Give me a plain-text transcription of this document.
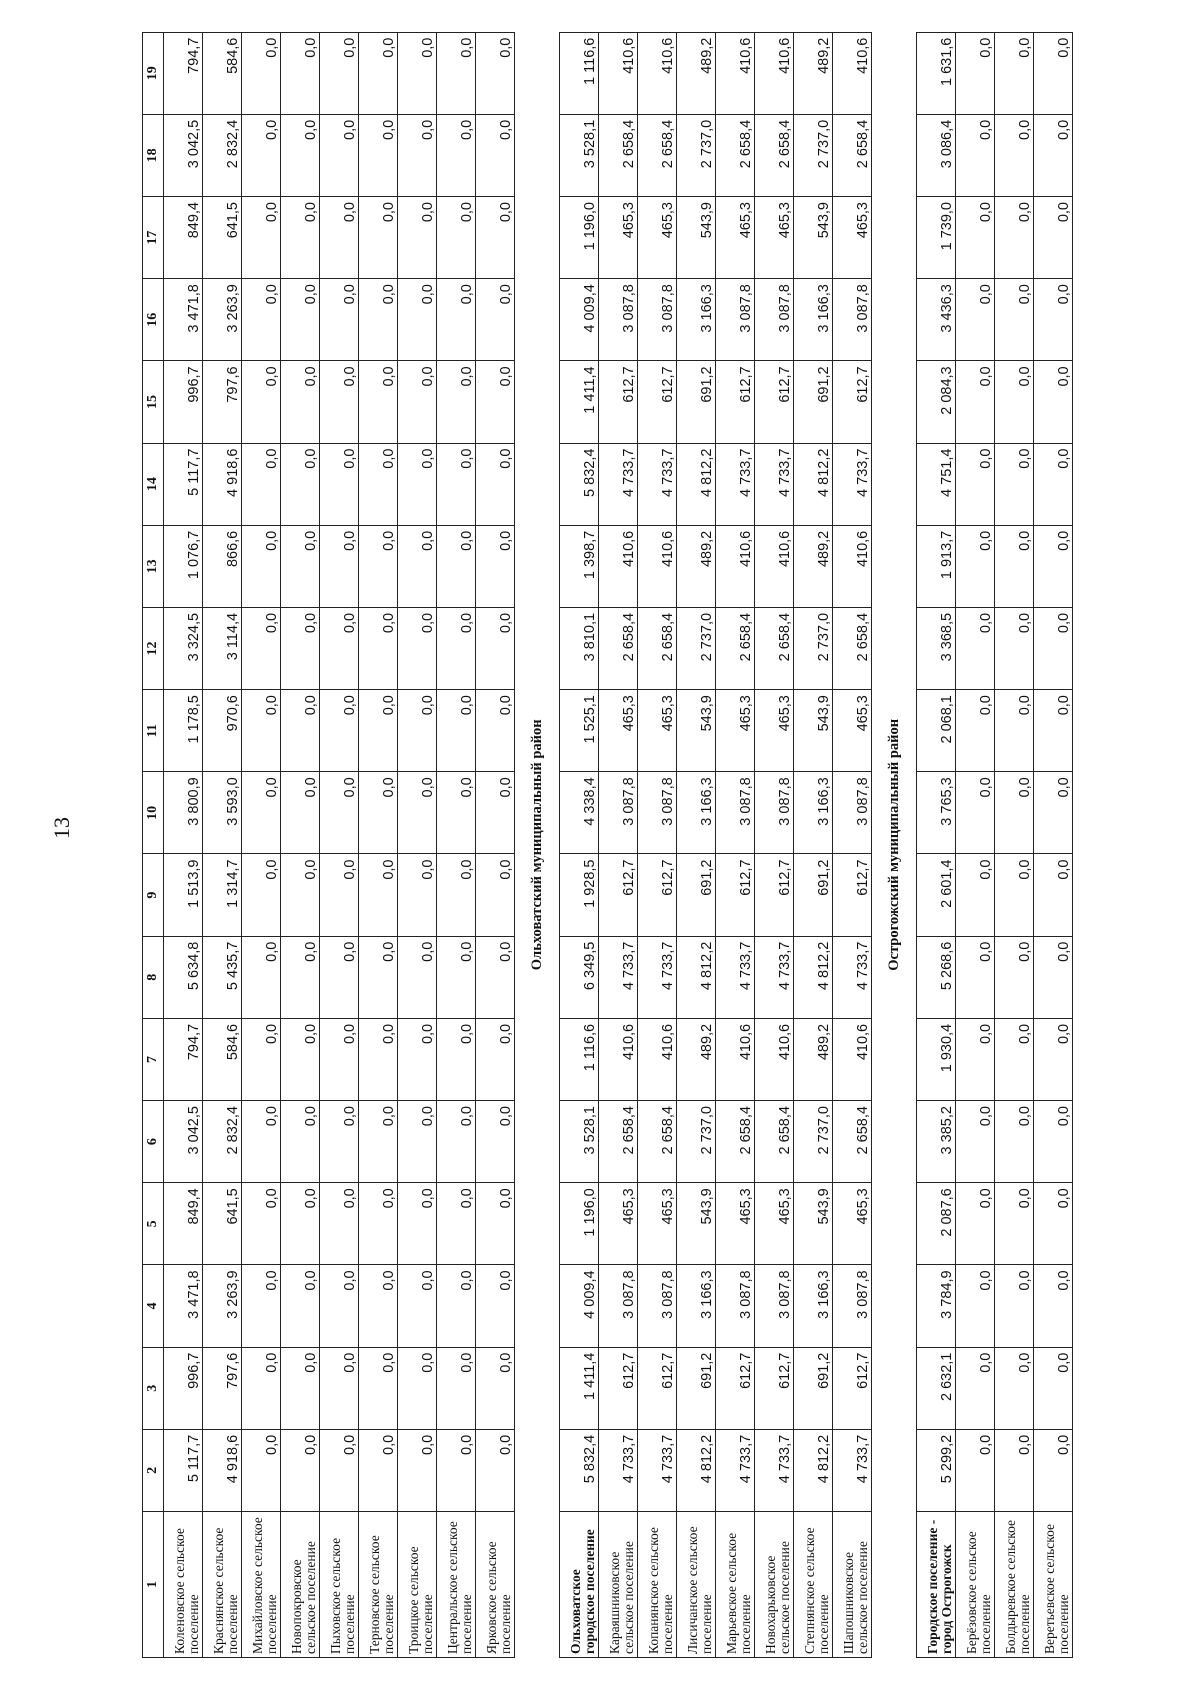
13
1	2	3	4	5	6	7	8	9	10	11	12	13	14	15	16	17	18	19
Коленовское сельское поселение	5 117,7	996,7	3 471,8	849,4	3 042,5	794,7	5 634,8	1 513,9	3 800,9	1 178,5	3 324,5	1 076,7	5 117,7	996,7	3 471,8	849,4	3 042,5	794,7
Краснянское сельское поселение	4 918,6	797,6	3 263,9	641,5	2 832,4	584,6	5 435,7	1 314,7	3 593,0	970,6	3 114,4	866,6	4 918,6	797,6	3 263,9	641,5	2 832,4	584,6
Михайловское сельское поселение	0,0	0,0	0,0	0,0	0,0	0,0	0,0	0,0	0,0	0,0	0,0	0,0	0,0	0,0	0,0	0,0	0,0	0,0
Новопокровское сельское поселение	0,0	0,0	0,0	0,0	0,0	0,0	0,0	0,0	0,0	0,0	0,0	0,0	0,0	0,0	0,0	0,0	0,0	0,0
Пыховское сельское поселение	0,0	0,0	0,0	0,0	0,0	0,0	0,0	0,0	0,0	0,0	0,0	0,0	0,0	0,0	0,0	0,0	0,0	0,0
Терновское сельское поселение	0,0	0,0	0,0	0,0	0,0	0,0	0,0	0,0	0,0	0,0	0,0	0,0	0,0	0,0	0,0	0,0	0,0	0,0
Троицкое сельское поселение	0,0	0,0	0,0	0,0	0,0	0,0	0,0	0,0	0,0	0,0	0,0	0,0	0,0	0,0	0,0	0,0	0,0	0,0
Центральское сельское поселение	0,0	0,0	0,0	0,0	0,0	0,0	0,0	0,0	0,0	0,0	0,0	0,0	0,0	0,0	0,0	0,0	0,0	0,0
Ярковское сельское поселение	0,0	0,0	0,0	0,0	0,0	0,0	0,0	0,0	0,0	0,0	0,0	0,0	0,0	0,0	0,0	0,0	0,0	0,0
Ольховатский муниципальный район																		
Ольховатское городское поселение	5 832,4	1 411,4	4 009,4	1 196,0	3 528,1	1 116,6	6 349,5	1 928,5	4 338,4	1 525,1	3 810,1	1 398,7	5 832,4	1 411,4	4 009,4	1 196,0	3 528,1	1 116,6
Караяшниковское сельское поселение	4 733,7	612,7	3 087,8	465,3	2 658,4	410,6	4 733,7	612,7	3 087,8	465,3	2 658,4	410,6	4 733,7	612,7	3 087,8	465,3	2 658,4	410,6
Копанянское сельское поселение	4 733,7	612,7	3 087,8	465,3	2 658,4	410,6	4 733,7	612,7	3 087,8	465,3	2 658,4	410,6	4 733,7	612,7	3 087,8	465,3	2 658,4	410,6
Лисичанское сельское поселение	4 812,2	691,2	3 166,3	543,9	2 737,0	489,2	4 812,2	691,2	3 166,3	543,9	2 737,0	489,2	4 812,2	691,2	3 166,3	543,9	2 737,0	489,2
Марьевское сельское поселение	4 733,7	612,7	3 087,8	465,3	2 658,4	410,6	4 733,7	612,7	3 087,8	465,3	2 658,4	410,6	4 733,7	612,7	3 087,8	465,3	2 658,4	410,6
Новохарьковское сельское поселение	4 733,7	612,7	3 087,8	465,3	2 658,4	410,6	4 733,7	612,7	3 087,8	465,3	2 658,4	410,6	4 733,7	612,7	3 087,8	465,3	2 658,4	410,6
Степнянское сельское поселение	4 812,2	691,2	3 166,3	543,9	2 737,0	489,2	4 812,2	691,2	3 166,3	543,9	2 737,0	489,2	4 812,2	691,2	3 166,3	543,9	2 737,0	489,2
Шапошниковское сельское поселение	4 733,7	612,7	3 087,8	465,3	2 658,4	410,6	4 733,7	612,7	3 087,8	465,3	2 658,4	410,6	4 733,7	612,7	3 087,8	465,3	2 658,4	410,6
Острогожский муниципальный район																		
Городское поселение - город Острогожск	5 299,2	2 632,1	3 784,9	2 087,6	3 385,2	1 930,4	5 268,6	2 601,4	3 765,3	2 068,1	3 368,5	1 913,7	4 751,4	2 084,3	3 436,3	1 739,0	3 086,4	1 631,6
Берёзовское сельское поселение	0,0	0,0	0,0	0,0	0,0	0,0	0,0	0,0	0,0	0,0	0,0	0,0	0,0	0,0	0,0	0,0	0,0	0,0
Болдыревское сельское поселение	0,0	0,0	0,0	0,0	0,0	0,0	0,0	0,0	0,0	0,0	0,0	0,0	0,0	0,0	0,0	0,0	0,0	0,0
Веретьевское сельское поселение	0,0	0,0	0,0	0,0	0,0	0,0	0,0	0,0	0,0	0,0	0,0	0,0	0,0	0,0	0,0	0,0	0,0	0,0
